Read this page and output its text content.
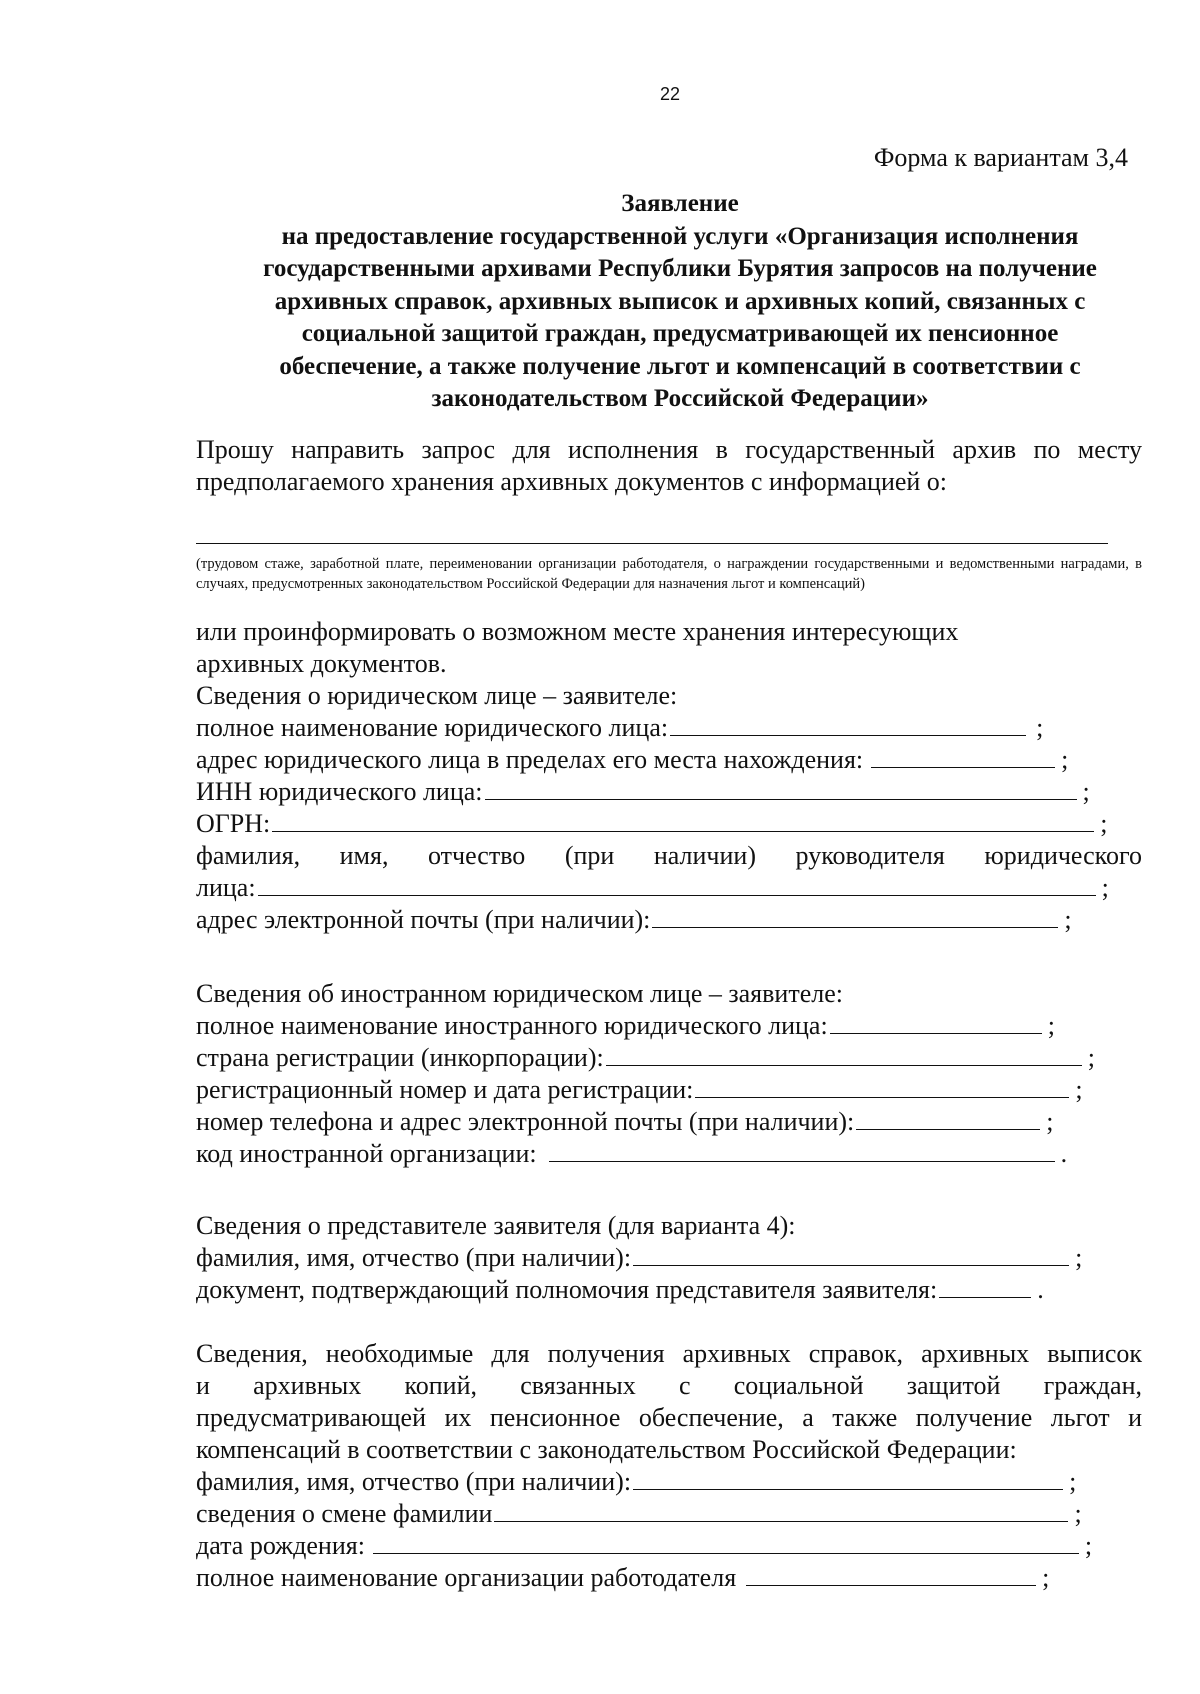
22
Форма к вариантам 3,4
Заявление
на предоставление государственной услуги «Организация исполнения
государственными архивами Республики Бурятия запросов на получение
архивных справок, архивных выписок и архивных копий, связанных с
социальной защитой граждан, предусматривающей их пенсионное
обеспечение, а также получение льгот и компенсаций в соответствии с
законодательством Российской Федерации»
Прошу направить запрос для исполнения в государственный архив по месту предполагаемого хранения архивных документов с информацией о:
(трудовом стаже, заработной плате, переименовании организации работодателя, о награждении государственными и ведомственными наградами, в случаях, предусмотренных законодательством Российской Федерации для назначения льгот и компенсаций)
или проинформировать о возможном месте хранения интересующих
архивных документов.
Сведения о юридическом лице – заявителе:
полное наименование юридического лица:	;
адрес юридического лица в пределах его места нахождения:	;
ИНН юридического лица:	;
ОГРН:	;
фамилия, имя, отчество (при наличии) руководителя юридического
лица:	;
адрес электронной почты (при наличии):	;
Сведения об иностранном юридическом лице – заявителе:
полное наименование иностранного юридического лица:	;
страна регистрации (инкорпорации):	;
регистрационный номер и дата регистрации:	;
номер телефона и адрес электронной почты (при наличии):	;
код иностранной организации:	.
Сведения о представителе заявителя (для варианта 4):
фамилия, имя, отчество (при наличии):	;
документ, подтверждающий полномочия представителя заявителя:	.
Сведения, необходимые для получения архивных справок, архивных выписок
и архивных копий, связанных с социальной защитой граждан,
предусматривающей их пенсионное обеспечение, а также получение льгот и
компенсаций в соответствии с законодательством Российской Федерации:
фамилия, имя, отчество (при наличии):	;
сведения о смене фамилии	;
дата рождения:	;
полное наименование организации работодателя	;
